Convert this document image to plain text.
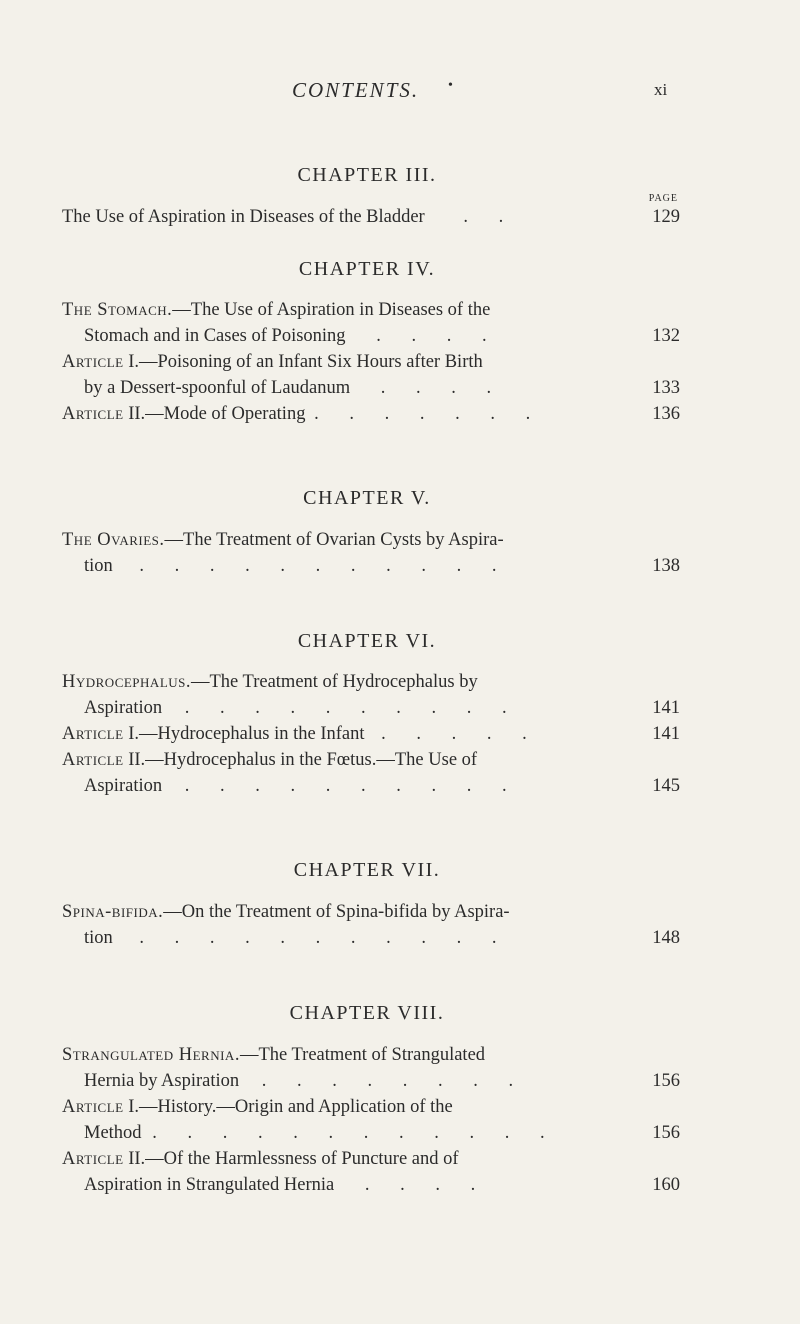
CONTENTS. •	xi
CHAPTER III.
PAGE
The Use of Aspiration in Diseases of the Bladder . .	129
CHAPTER IV.
The Stomach.—The Use of Aspiration in Diseases of the
Stomach and in Cases of Poisoning . . . .	132
Article I.—Poisoning of an Infant Six Hours after Birth
by a Dessert-spoonful of Laudanum . . . .	133
Article II.—Mode of Operating . . . . . . .	136
CHAPTER V.
The Ovaries.—The Treatment of Ovarian Cysts by Aspira-
tion . . . . . . . . . . .	138
CHAPTER VI.
Hydrocephalus.—The Treatment of Hydrocephalus by
Aspiration . . . . . . . . . .	141
Article I.—Hydrocephalus in the Infant . . . . .	141
Article II.—Hydrocephalus in the Fœtus.—The Use of
Aspiration . . . . . . . . . .	145
CHAPTER VII.
Spina-bifida.—On the Treatment of Spina-bifida by Aspira-
tion . . . . . . . . . . .	148
CHAPTER VIII.
Strangulated Hernia.—The Treatment of Strangulated
Hernia by Aspiration . . . . . . . .	156
Article I.—History.—Origin and Application of the
Method . . . . . . . . . . . .	156
Article II.—Of the Harmlessness of Puncture and of
Aspiration in Strangulated Hernia . . . .	160
